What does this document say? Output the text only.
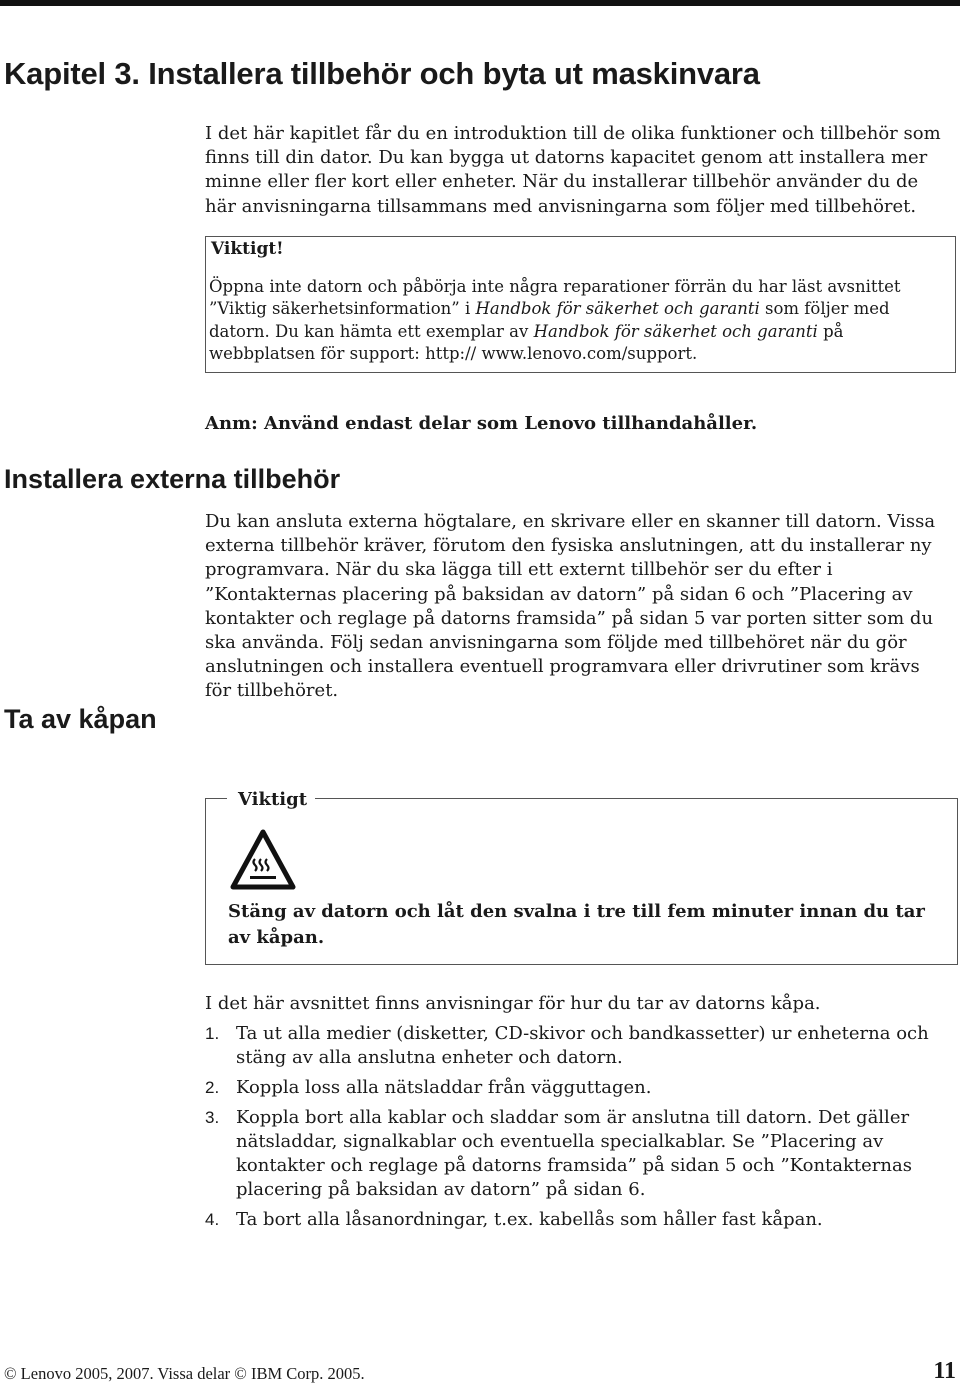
Kapitel 3. Installera tillbehör och byta ut maskinvara

I det här kapitlet får du en introduktion till de olika funktioner och tillbehör som finns till din dator. Du kan bygga ut datorns kapacitet genom att installera mer minne eller fler kort eller enheter. När du installerar tillbehör använder du de här anvisningarna tillsammans med anvisningarna som följer med tillbehöret.

Viktigt!

Öppna inte datorn och påbörja inte några reparationer förrän du har läst avsnittet ”Viktig säkerhetsinformation” i Handbok för säkerhet och garanti som följer med datorn. Du kan hämta ett exemplar av Handbok för säkerhet och garanti på webbplatsen för support: http:// www.lenovo.com/support.

Anm: Använd endast delar som Lenovo tillhandahåller.

Installera externa tillbehör

Du kan ansluta externa högtalare, en skrivare eller en skanner till datorn. Vissa externa tillbehör kräver, förutom den fysiska anslutningen, att du installerar ny programvara. När du ska lägga till ett externt tillbehör ser du efter i ”Kontakternas placering på baksidan av datorn” på sidan 6 och ”Placering av kontakter och reglage på datorns framsida” på sidan 5 var porten sitter som du ska använda. Följ sedan anvisningarna som följde med tillbehöret när du gör anslutningen och installera eventuell programvara eller drivrutiner som krävs för tillbehöret.

Ta av kåpan

Viktigt

Stäng av datorn och låt den svalna i tre till fem minuter innan du tar av kåpan.

I det här avsnittet finns anvisningar för hur du tar av datorns kåpa.

1. Ta ut alla medier (disketter, CD-skivor och bandkassetter) ur enheterna och stäng av alla anslutna enheter och datorn.
2. Koppla loss alla nätsladdar från vägguttagen.
3. Koppla bort alla kablar och sladdar som är anslutna till datorn. Det gäller nätsladdar, signalkablar och eventuella specialkablar. Se ”Placering av kontakter och reglage på datorns framsida” på sidan 5 och ”Kontakternas placering på baksidan av datorn” på sidan 6.
4. Ta bort alla låsanordningar, t.ex. kabellås som håller fast kåpan.

© Lenovo 2005, 2007. Vissa delar © IBM Corp. 2005.	11
